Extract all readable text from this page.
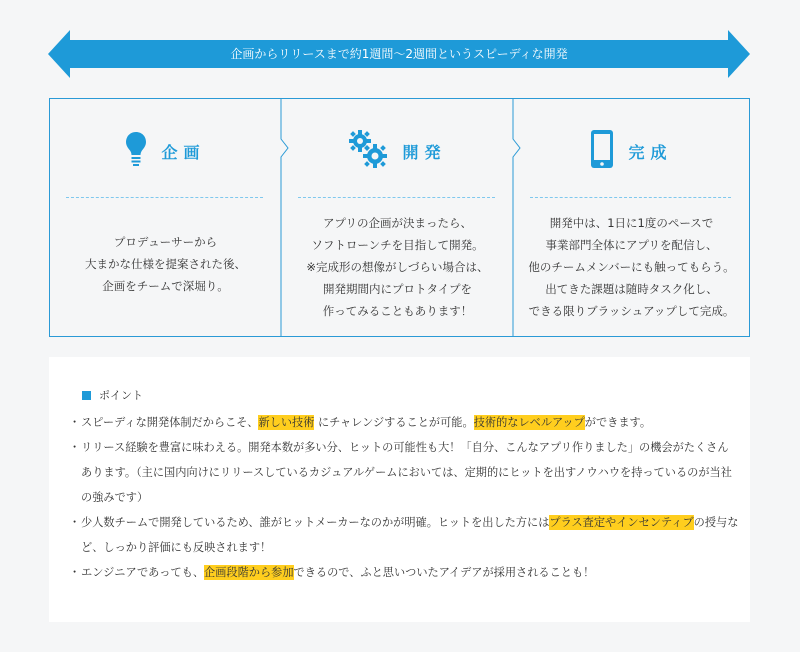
企画からリリースまで約1週間〜2週間というスピーディな開発
企画
プロデューサーから
大まかな仕様を提案された後、
企画をチームで深堀り。
開発
アプリの企画が決まったら、
ソフトローンチを目指して開発。
※完成形の想像がしづらい場合は、
開発期間内にプロトタイプを
作ってみることもあります！
完成
開発中は、1日に1度のペースで
事業部門全体にアプリを配信し、
他のチームメンバーにも触ってもらう。
出てきた課題は随時タスク化し、
できる限りブラッシュアップして完成。
ポイント
・ スピーディな開発体制だからこそ、新しい技術 にチャレンジすることが可能。技術的なレベルアップができます。
・ リリース経験を豊富に味わえる。開発本数が多い分、ヒットの可能性も大！「自分、こんなアプリ作りました」の機会がたくさんあります。（主に国内向けにリリースしているカジュアルゲームにおいては、定期的にヒットを出すノウハウを持っているのが当社の強みです）
・ 少人数チームで開発しているため、誰がヒットメーカーなのかが明確。ヒットを出した方にはプラス査定やインセンティブの授与など、しっかり評価にも反映されます！
・ エンジニアであっても、企画段階から参加できるので、ふと思いついたアイデアが採用されることも！
